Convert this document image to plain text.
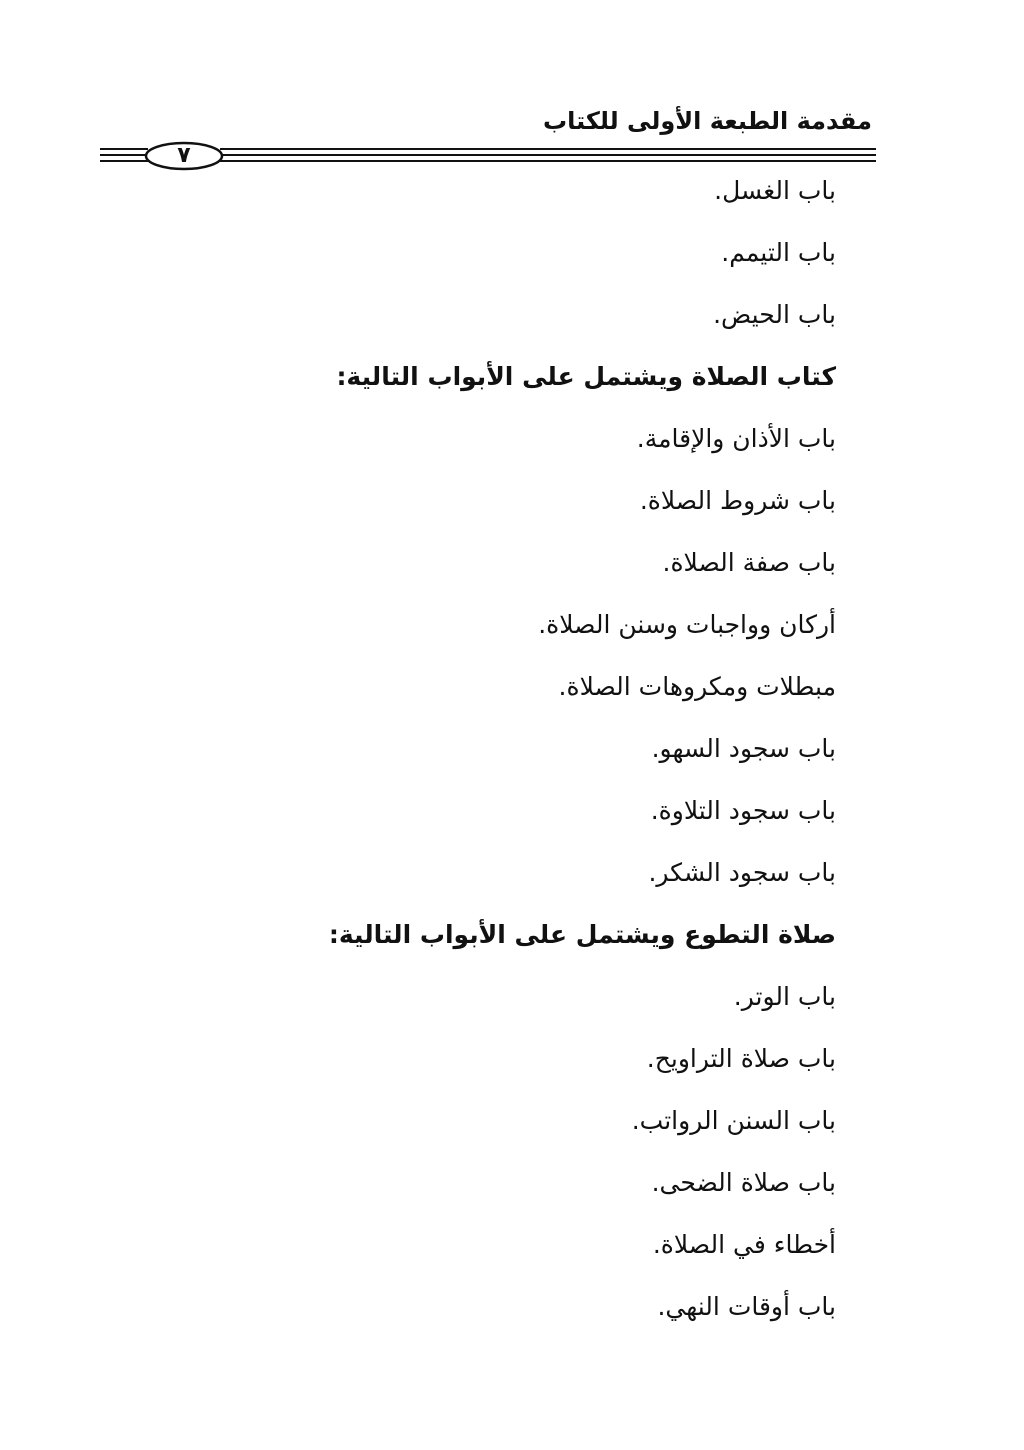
مقدمة الطبعة الأولى للكتاب
٧
باب الغسل.
باب التيمم.
باب الحيض.
كتاب الصلاة ويشتمل على الأبواب التالية:
باب الأذان والإقامة.
باب شروط الصلاة.
باب صفة الصلاة.
أركان وواجبات وسنن الصلاة.
مبطلات ومكروهات الصلاة.
باب سجود السهو.
باب سجود التلاوة.
باب سجود الشكر.
صلاة التطوع ويشتمل على الأبواب التالية:
باب الوتر.
باب صلاة التراويح.
باب السنن الرواتب.
باب صلاة الضحى.
أخطاء في الصلاة.
باب أوقات النهي.
